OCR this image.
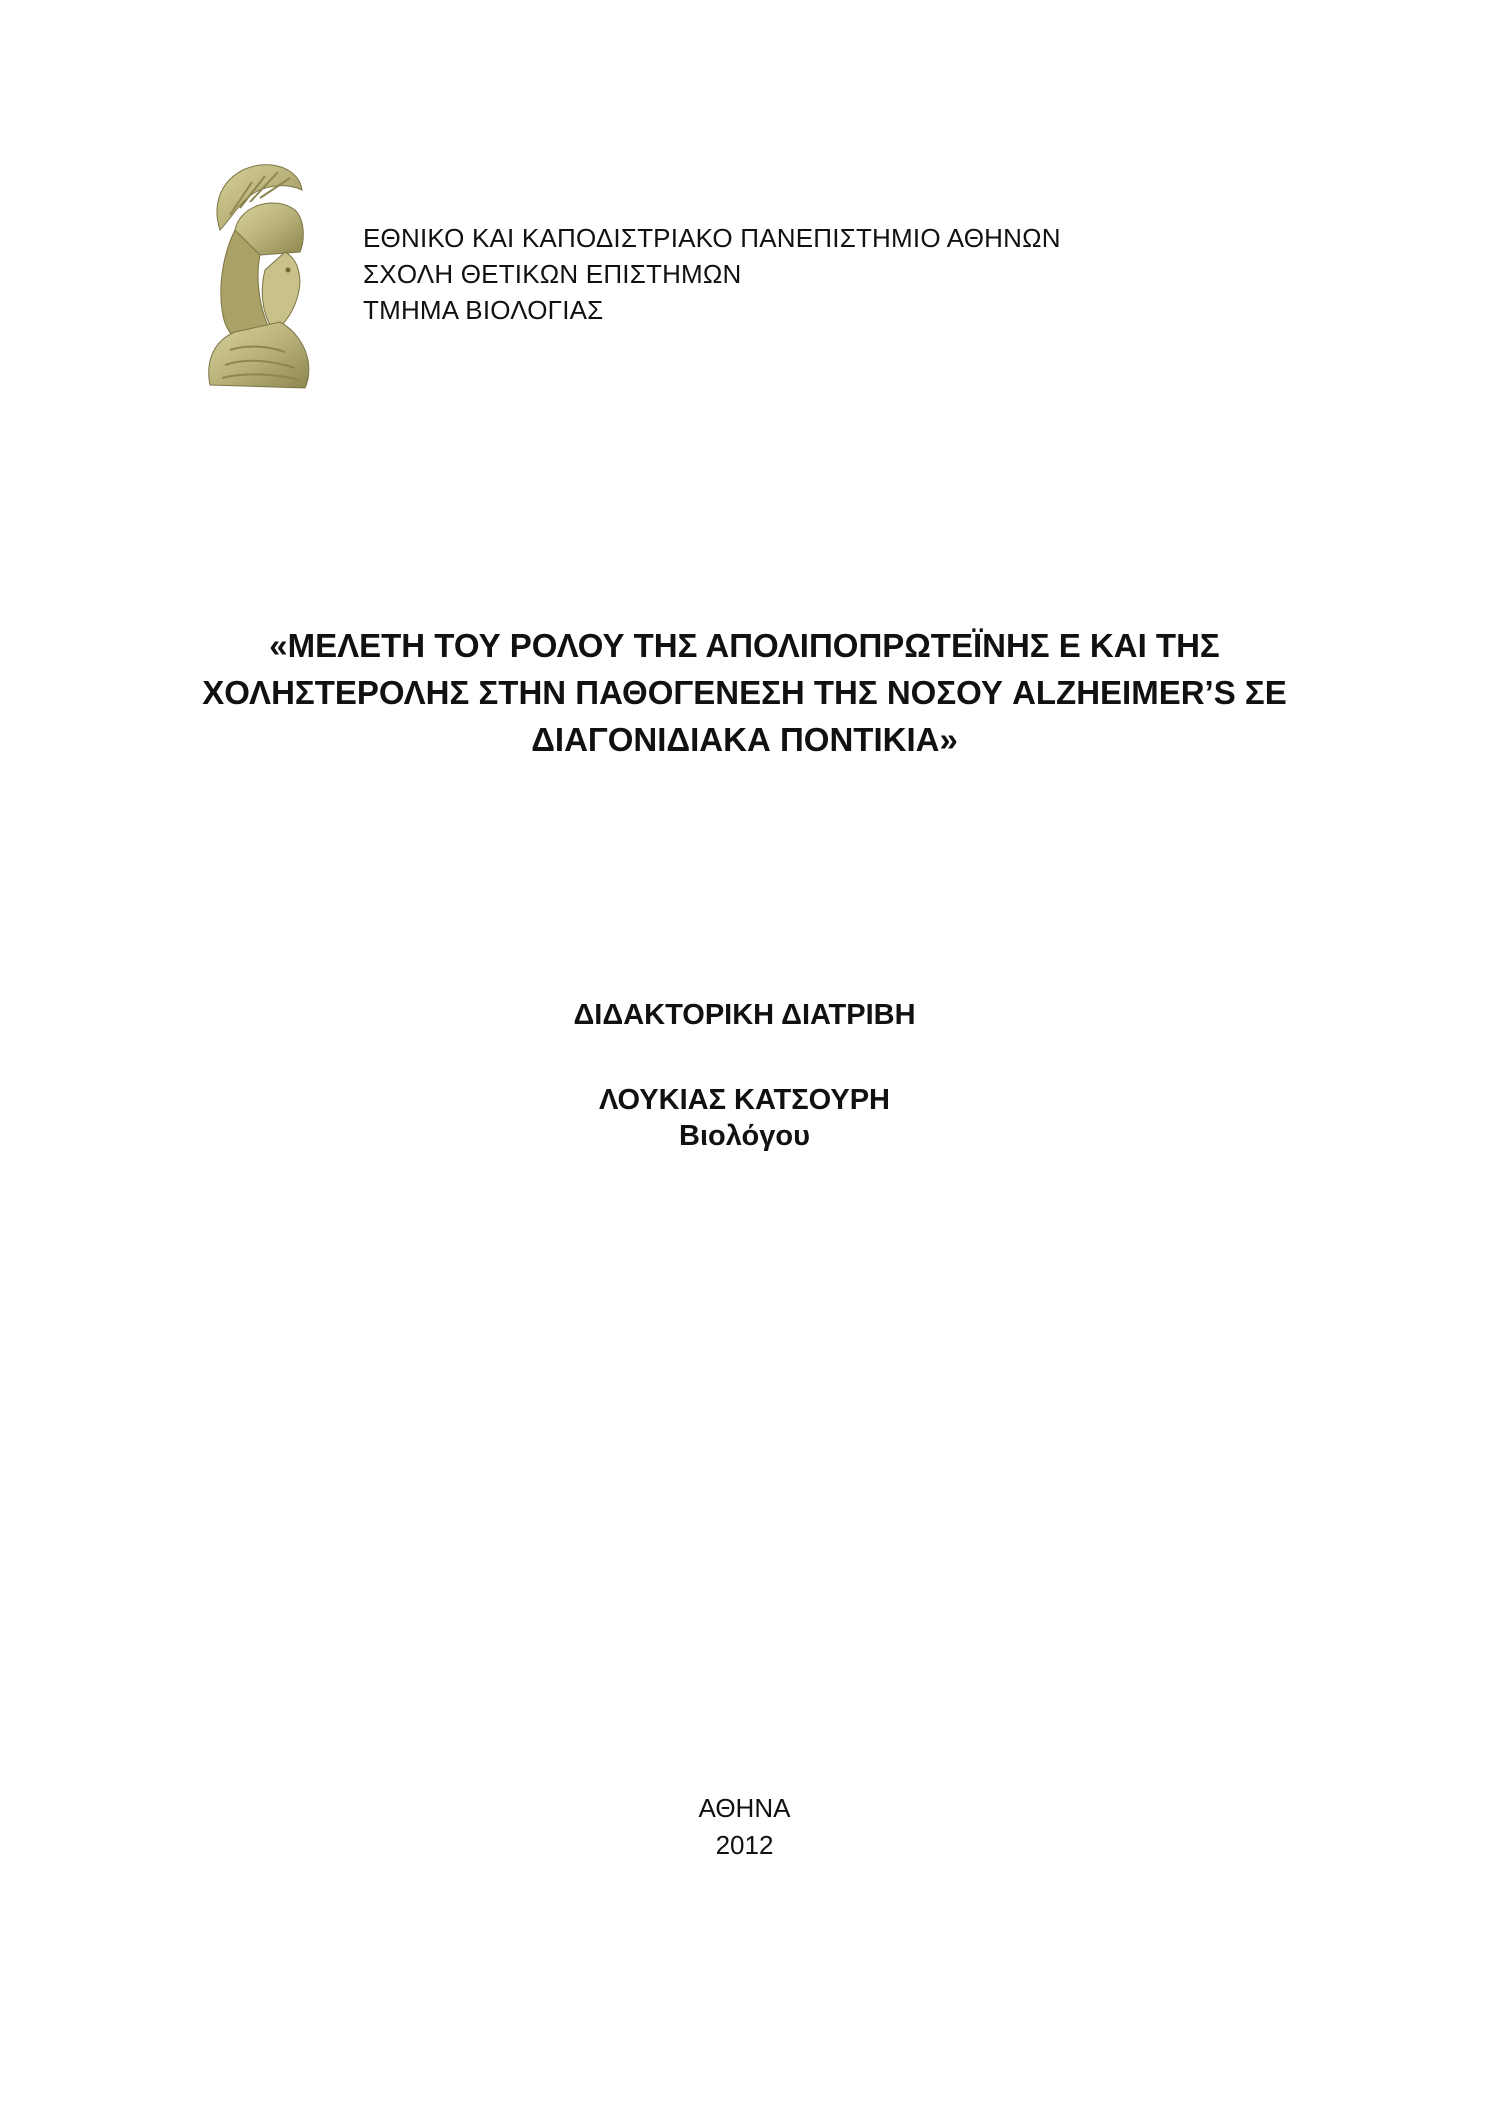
ΕΘΝΙΚΟ ΚΑΙ ΚΑΠΟΔΙΣΤΡΙΑΚΟ ΠΑΝΕΠΙΣΤΗΜΙΟ ΑΘΗΝΩΝ
ΣΧΟΛΗ ΘΕΤΙΚΩΝ ΕΠΙΣΤΗΜΩΝ
ΤΜΗΜΑ ΒΙΟΛΟΓΙΑΣ
«ΜΕΛΕΤΗ ΤΟΥ ΡΟΛΟΥ ΤΗΣ ΑΠΟΛΙΠΟΠΡΩΤΕΪΝΗΣ Ε ΚΑΙ ΤΗΣ
ΧΟΛΗΣΤΕΡΟΛΗΣ ΣΤΗΝ ΠΑΘΟΓΕΝΕΣΗ ΤΗΣ ΝΟΣΟΥ ALZHEIMER’S ΣΕ
ΔΙΑΓΟΝΙΔΙΑΚΑ ΠΟΝΤΙΚΙΑ»
ΔΙΔΑΚΤΟΡΙΚΗ ΔΙΑΤΡΙΒΗ
ΛΟΥΚΙΑΣ ΚΑΤΣΟΥΡΗ
Βιολόγου
ΑΘΗΝΑ
2012
